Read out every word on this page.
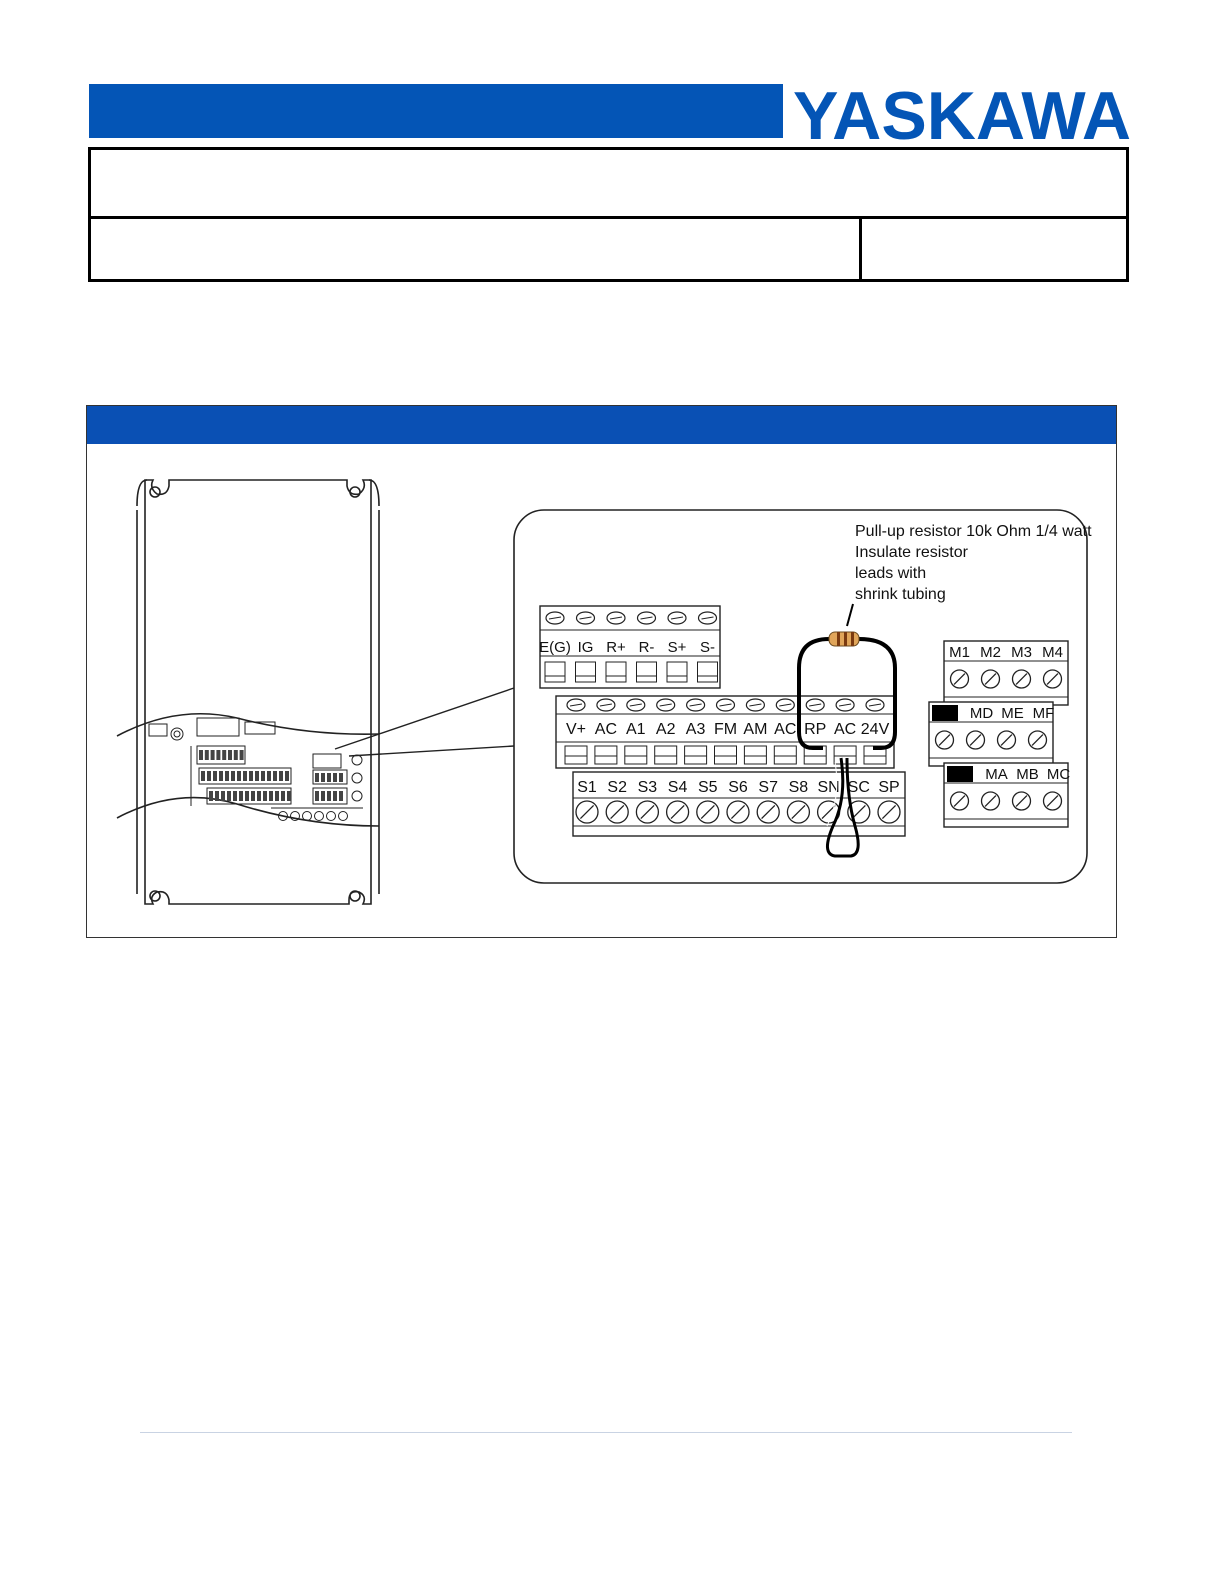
YASKAWA
E(G) IG R+ R- S+ S-
V+ AC A1 A2 A3 FM AM AC RP AC 24V
S1 S2 S3 S4 S5 S6 S7 S8 SN SC SP
M1 M2 M3 M4
MD ME MF
MA MB MC
Pull-up resistor 10k Ohm 1/4 watt
Insulate resistor
leads with
shrink tubing
